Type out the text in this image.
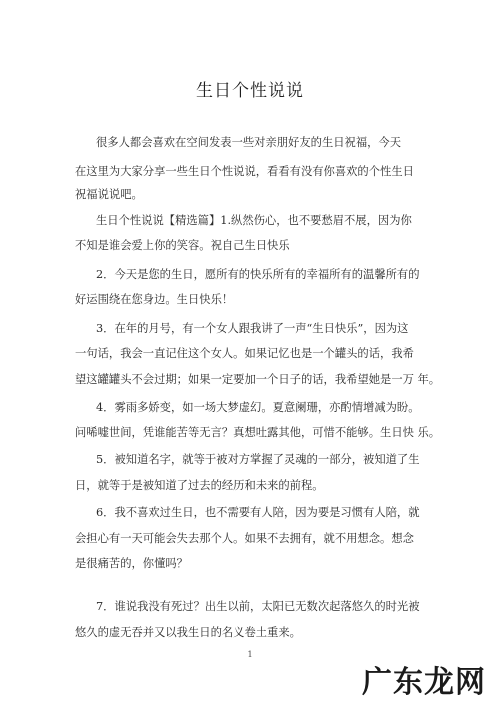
生日个性说说
很多人都会喜欢在空间发表一些对亲朋好友的生日祝福，今天
在这里为大家分享一些生日个性说说，看看有没有你喜欢的个性生日
祝福说说吧。
生日个性说说【精选篇】1.纵然伤心，也不要愁眉不展，因为你
不知是谁会爱上你的笑容。祝自己生日快乐
2．今天是您的生日，愿所有的快乐所有的幸福所有的温馨所有的
好运围绕在您身边。生日快乐！
3．在年的月号，有一个女人跟我讲了一声“生日快乐”，因为这
一句话，我会一直记住这个女人。如果记忆也是一个罐头的话，我希
望这罐罐头不会过期；如果一定要加一个日子的话，我希望她是一万 年。
4．雾雨多娇变，如一场大梦虚幻。夏意阑珊，亦酌情增减为盼。
问唏嘘世间，凭谁能苦等无言？真想吐露其他，可惜不能够。生日快 乐。
5．被知道名字，就等于被对方掌握了灵魂的一部分，被知道了生
日，就等于是被知道了过去的经历和未来的前程。
6．我不喜欢过生日，也不需要有人陪，因为要是习惯有人陪，就
会担心有一天可能会失去那个人。如果不去拥有，就不用想念。想念
是很痛苦的，你懂吗？
7．谁说我没有死过？出生以前，太阳已无数次起落悠久的时光被
悠久的虚无吞并又以我生日的名义卷土重来。
1
广东龙网
